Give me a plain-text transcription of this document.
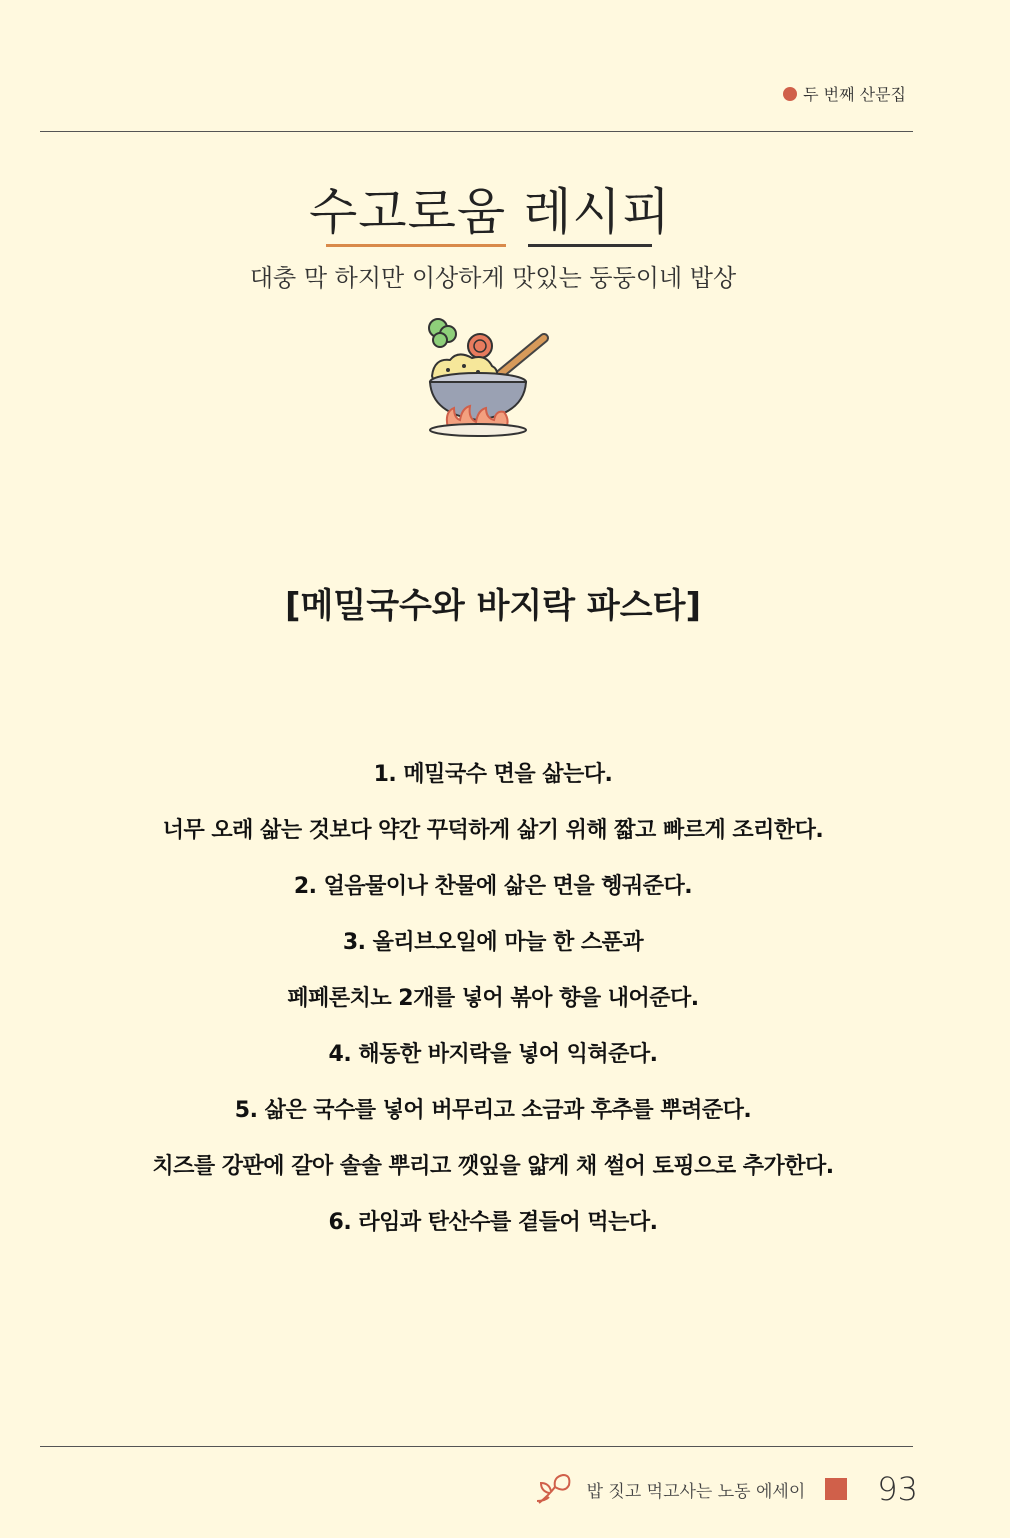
두 번째 산문집
수고로움 레시피
대충 막 하지만 이상하게 맛있는 둥둥이네 밥상
[메밀국수와 바지락 파스타]
1. 메밀국수 면을 삶는다.
너무 오래 삶는 것보다 약간 꾸덕하게 삶기 위해 짧고 빠르게 조리한다.
2. 얼음물이나 찬물에 삶은 면을 헹궈준다.
3. 올리브오일에 마늘 한 스푼과
페페론치노 2개를 넣어 볶아 향을 내어준다.
4. 해동한 바지락을 넣어 익혀준다.
5. 삶은 국수를 넣어 버무리고 소금과 후추를 뿌려준다.
치즈를 강판에 갈아 솔솔 뿌리고 깻잎을 얇게 채 썰어 토핑으로 추가한다.
6. 라임과 탄산수를 곁들어 먹는다.
밥 짓고 먹고사는 노동 에세이 93
